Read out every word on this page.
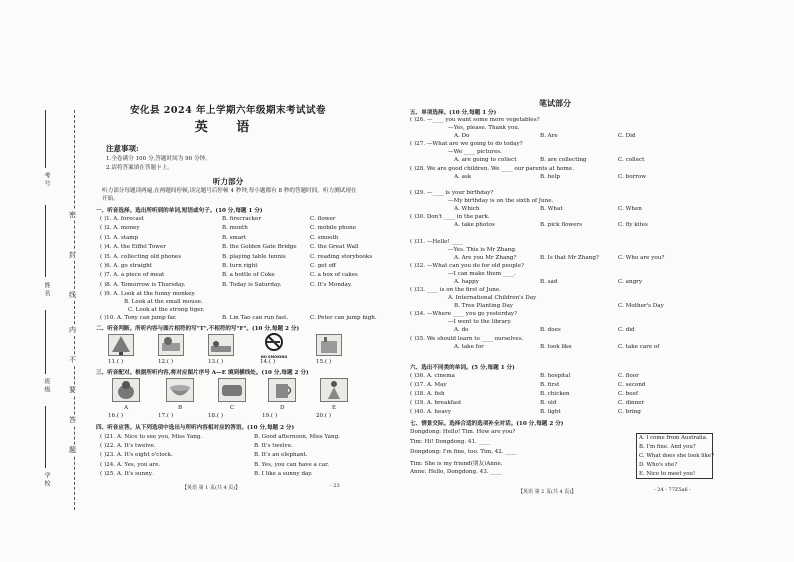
考号
姓名
班级
学校
密
封
线
内
不
要
答
题
安化县 2024 年上学期六年级期末考试试卷
英 语
注意事项:
1.全卷满分 100 分,答题时间为 90 分钟。
2.请将答案填在答题卡上。
听力部分
听力部分每题读两遍,在两题间停顿,读完题号后停顿 4 秒钟,每小题都有 8 秒的答题时间。听力测试现在开始。
一、听音选择。选出所听到的单词,短语或句子。(10 分,每题 1 分)
( )1. A. forecast	B. firecracker	C. flower
( )2. A. money	B. month	C. mobile phone
( )3. A. stamp	B. smart	C. smooth
( )4. A. the Eiffel Tower	B. the Golden Gate Bridge C. the Great Wall
( )5. A. collecting old phones	B. playing table tennis	C. reading storybooks
( )6. A. go straight	B. turn right	C. get off
( )7. A. a piece of meat	B. a bottle of Coke	C. a box of cakes
( )8. A. Tomorrow is Thursday.	B. Today is Saturday.	C. It's Monday.
( )9. A. Look at the funny monkey.
B. Look at the small mouse.
C. Look at the strong tiger.
( )10. A. Tony can jump far.	B. Lin Tao can run fast.	C. Peter can jump high.
二、听音判断。所听内容与图片相符的写"T",不相符的写"F"。(10 分,每题 2 分)
NO SMOKING
11.( )	12.( )	13.( )	14.( )	15.( )
三、听音配对。根据所听内容,将对应图片序号 A—E 填到横线处。(10 分,每题 2 分)
A	B	C	D	E
16.( )	17.( )	18.( )	19.( )	20.( )
四、听音应答。从下列选项中选出与所听内容相对应的答语。(10 分,每题 2 分)
( )21. A. Nice to see you, Miss Yang.	B. Good afternoon, Miss Yang.
( )22. A. It's twelve.	B. It's twelve.
( )23. A. It's eight o'clock.	B. It's an elephant.
( )24. A. Yes, you are.	B. Yes, you can have a car.
( )25. A. It's sunny.	B. I like a sunny day.
【英语 第 1 页(共 4 页)】	- 23
笔试部分
五、单项选择。(10 分,每题 1 分)
( )26. —____ you want some more vegetables?
—Yes, please. Thank you.
A. Do	B. Are	C. Did
( )27. —What are we going to do today?
—We ____ pictures.
A. are going to collect	B. are collecting	C. collect
( )28. We are good children. We ____ our parents at home.
A. ask	B. help	C. borrow
( )29. —____ is your birthday?
—My birthday is on the sixth of June.
A. Which	B. What	C. When
( )30. Don't ____ in the park.
A. take photos	B. pick flowers	C. fly kites
( )31. —Hello! ____
—Yes. This is Mr Zhang.
A. Are you Mr Zhang?	B. Is that Mr Zhang?	C. Who are you?
( )32. —What can you do for old people?
—I can make them ____.
A. happy	B. sad	C. angry
( )33. ____ is on the first of June.
A. International Children's Day
B. Tree Planting Day	C. Mother's Day
( )34. —Where ____ you go yesterday?
—I went to the library.
A. do	B. does	C. did
( )35. We should learn to ____ ourselves.
A. take for	B. look like	C. take care of
六、选出不同类的单词。(5 分,每题 1 分)
( )36. A. cinema	B. hospital	C. floor
( )37. A. May	B. first	C. second
( )38. A. fish	B. chicken	C. beef
( )39. A. breakfast	B. old	C. dinner
( )40. A. heavy	B. light	C. bring
七、情景交际。选择合适的选项补全对话。(10 分,每题 2 分)
Dongdong: Hello! Tim. How are you?
Tim: Hi! Dongdong. 41. ____
Dongdong: I'm fine, too. Tim, 42. ____
Tim: She is my friend(朋友)Anne.
Anne: Hello, Dongdong. 43. ____
A. I come from Australia.
B. I'm fine. And you?
C. What does she look like?
D. Who's she?
E. Nice to meet you!
【英语 第 2 页(共 4 页)】	- 24 - 77Z5a6 -
